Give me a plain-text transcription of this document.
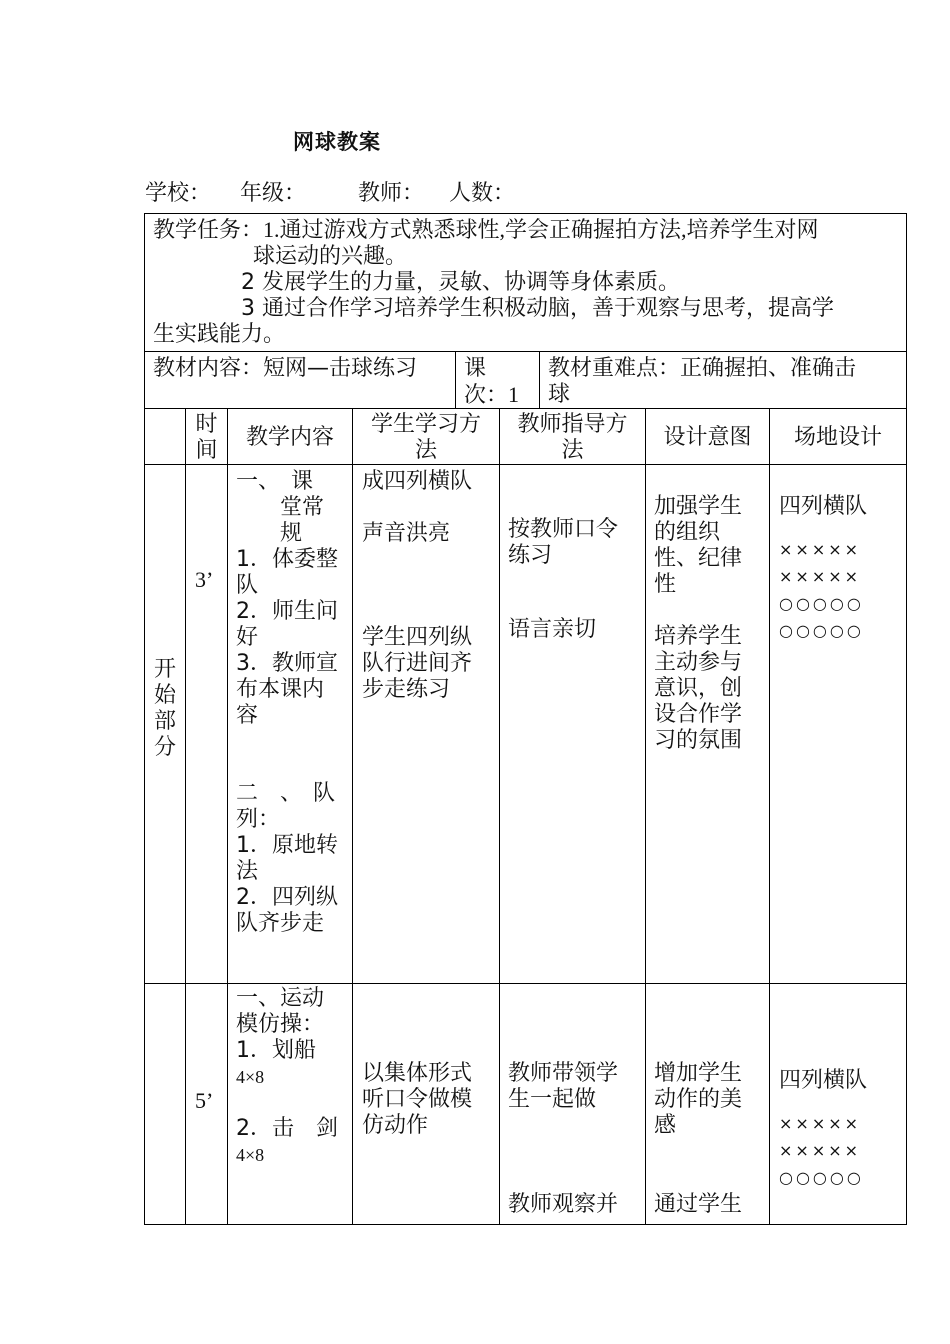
网球教案
学校： 年级： 教师： 人数：
教学任务：1.通过游戏方式熟悉球性,学会正确握拍方法,培养学生对网
球运动的兴趣。
2 发展学生的力量，灵敏、协调等身体素质。
3 通过合作学习培养学生积极动脑，善于观察与思考，提高学
生实践能力。
教材内容：短网—击球练习	课
次：1
教材重难点：正确握拍、准确击
球
时
间
教学内容
学生学习方
法
教师指导方
法
设计意图	场地设计
开
始
部
分
3’
一、　课
　　堂常
　　规
1．体委整
队
2．师生问
好
3．教师宣
布本课内
容
二　、　队
列：
1．原地转
法
2．四列纵
队齐步走
成四列横队
声音洪亮
学生四列纵
队行进间齐
步走练习
按教师口令
练习
语言亲切
加强学生
的组织
性、纪律
性
培养学生
主动参与
意识，创
设合作学
习的氛围
四列横队
×××××
×××××
○○○○○
○○○○○
5’
一、运动
模仿操：
1．划船
4×8
2．击　剑
4×8
以集体形式
听口令做模
仿动作
教师带领学
生一起做
教师观察并
增加学生
动作的美
感
通过学生
四列横队
×××××
×××××
○○○○○
